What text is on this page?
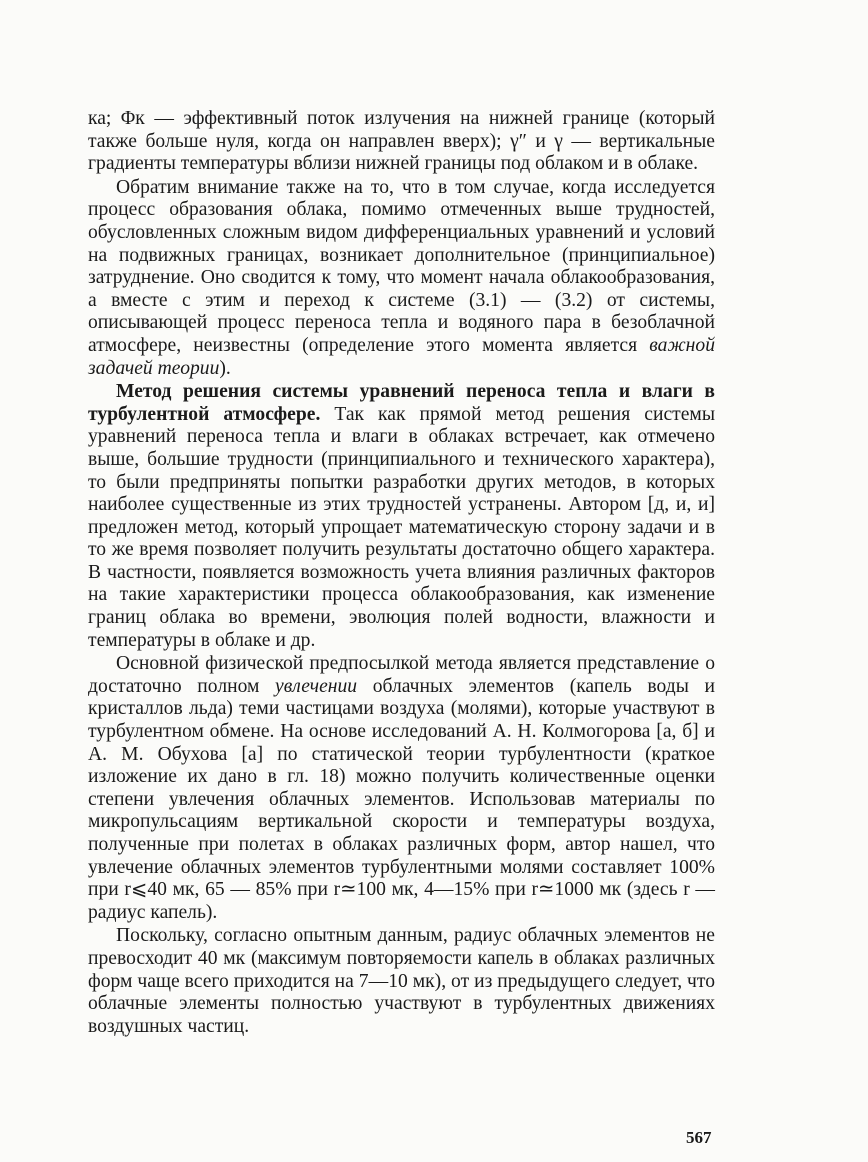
ка; Φк — эффективный поток излучения на нижней границе (который также больше нуля, когда он направлен вверх); γ″ и γ — вертикальные градиенты температуры вблизи нижней границы под облаком и в облаке.

Обратим внимание также на то, что в том случае, когда исследуется процесс образования облака, помимо отмеченных выше трудностей, обусловленных сложным видом дифференциальных уравнений и условий на подвижных границах, возникает дополнительное (принципиальное) затруднение. Оно сводится к тому, что момент начала облакообразования, а вместе с этим и переход к системе (3.1) — (3.2) от системы, описывающей процесс переноса тепла и водяного пара в безоблачной атмосфере, неизвестны (определение этого момента является важной задачей теории).

Метод решения системы уравнений переноса тепла и влаги в турбулентной атмосфере. Так как прямой метод решения системы уравнений переноса тепла и влаги в облаках встречает, как отмечено выше, большие трудности (принципиального и технического характера), то были предприняты попытки разработки других методов, в которых наиболее существенные из этих трудностей устранены. Автором [д, и, и] предложен метод, который упрощает математическую сторону задачи и в то же время позволяет получить результаты достаточно общего характера. В частности, появляется возможность учета влияния различных факторов на такие характеристики процесса облакообразования, как изменение границ облака во времени, эволюция полей водности, влажности и температуры в облаке и др.

Основной физической предпосылкой метода является представление о достаточно полном увлечении облачных элементов (капель воды и кристаллов льда) теми частицами воздуха (молями), которые участвуют в турбулентном обмене. На основе исследований А. Н. Колмогорова [а, б] и А. М. Обухова [а] по статической теории турбулентности (краткое изложение их дано в гл. 18) можно получить количественные оценки степени увлечения облачных элементов. Использовав материалы по микропульсациям вертикальной скорости и температуры воздуха, полученные при полетах в облаках различных форм, автор нашел, что увлечение облачных элементов турбулентными молями составляет 100% при r⩽40 мк, 65 — 85% при r≃100 мк, 4—15% при r≃1000 мк (здесь r — радиус капель).

Поскольку, согласно опытным данным, радиус облачных элементов не превосходит 40 мк (максимум повторяемости капель в облаках различных форм чаще всего приходится на 7—10 мк), от из предыдущего следует, что облачные элементы полностью участвуют в турбулентных движениях воздушных частиц.

567
